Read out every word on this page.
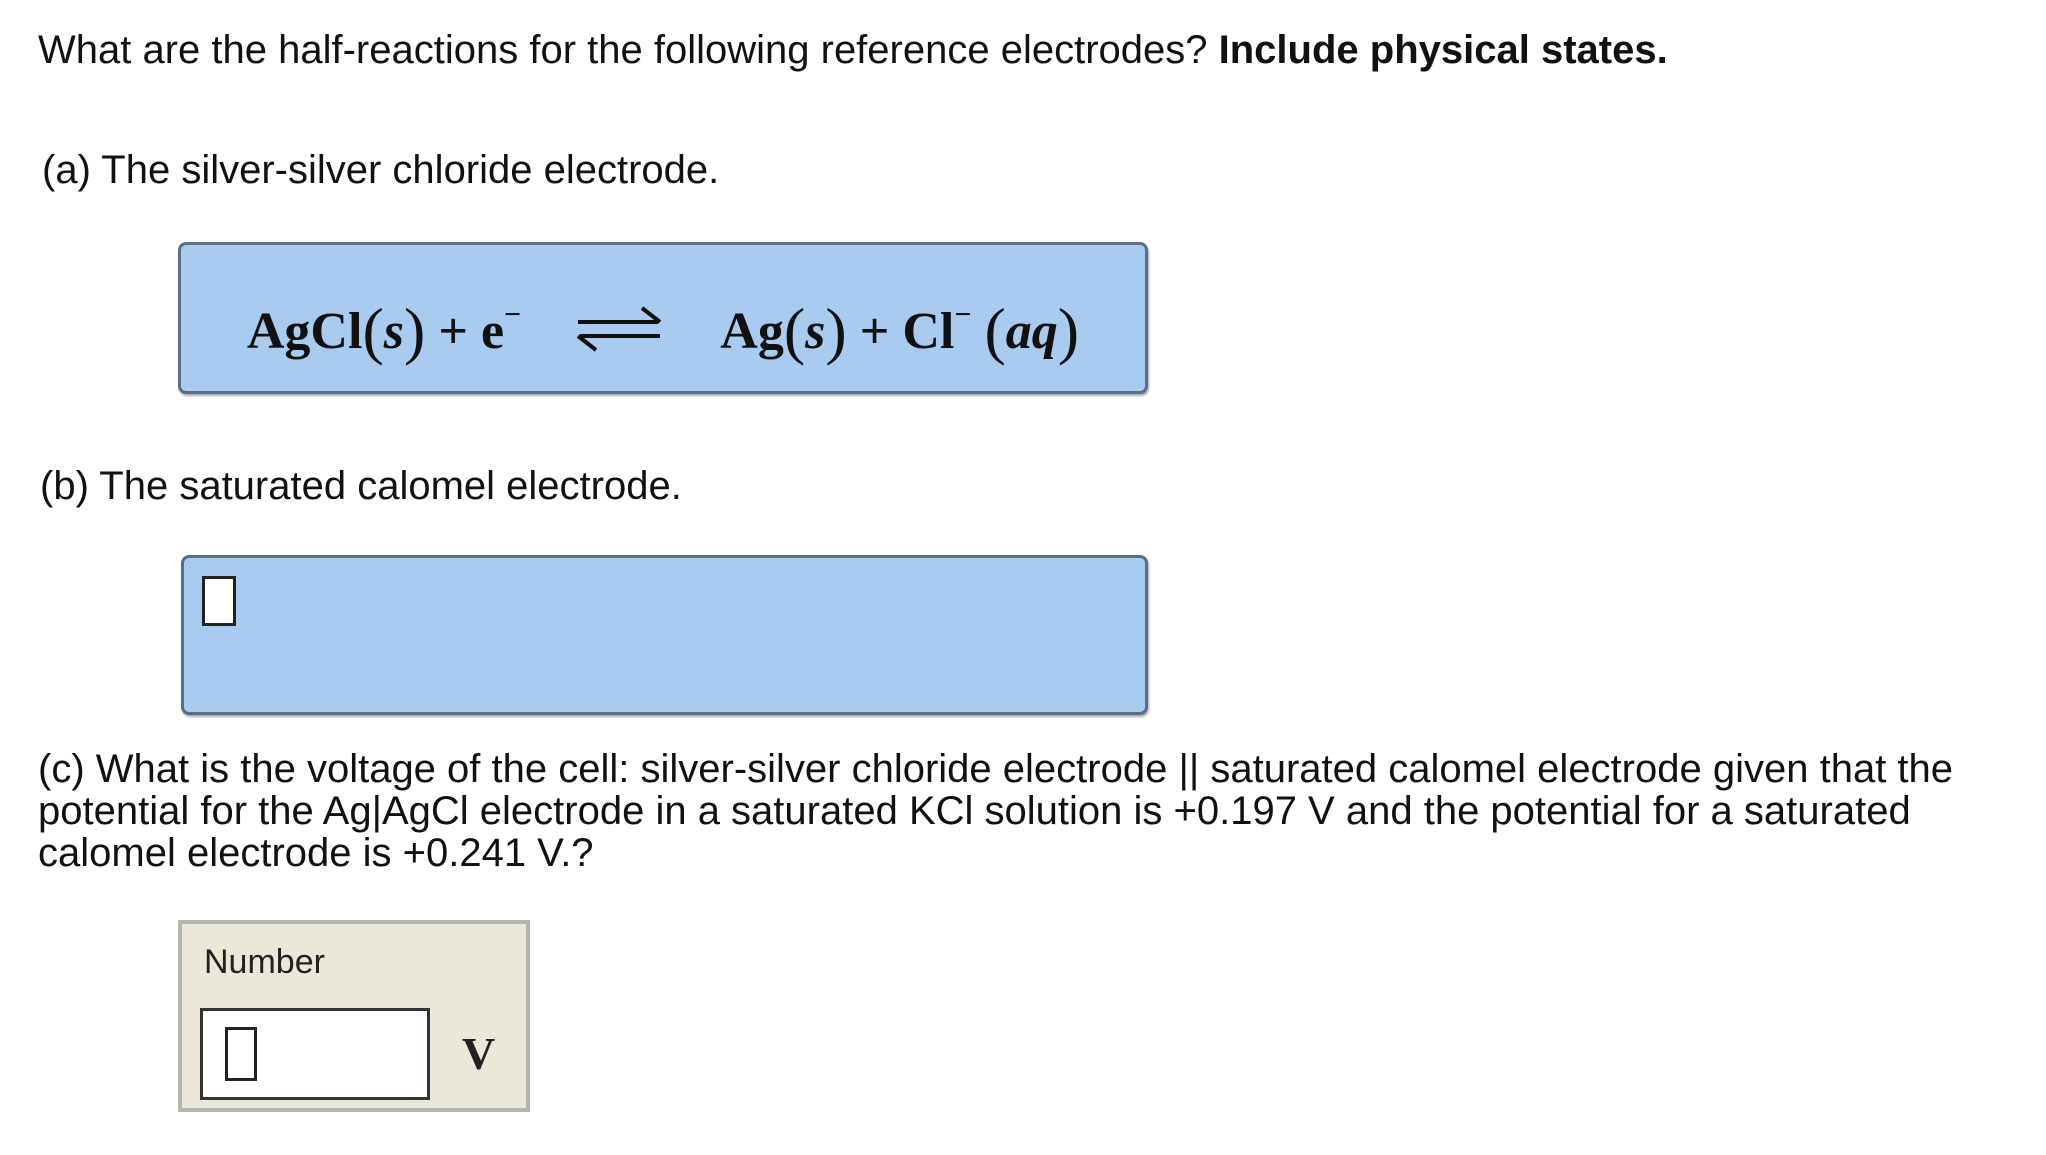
What are the half-reactions for the following reference electrodes? Include physical states.
(a) The silver-silver chloride electrode.
AgCl(s) + e− ⇌ Ag(s) + Cl− (aq)
(b) The saturated calomel electrode.
(c) What is the voltage of the cell: silver-silver chloride electrode || saturated calomel electrode given that the potential for the Ag|AgCl electrode in a saturated KCl solution is +0.197 V and the potential for a saturated calomel electrode is +0.241 V.?
Number
V
